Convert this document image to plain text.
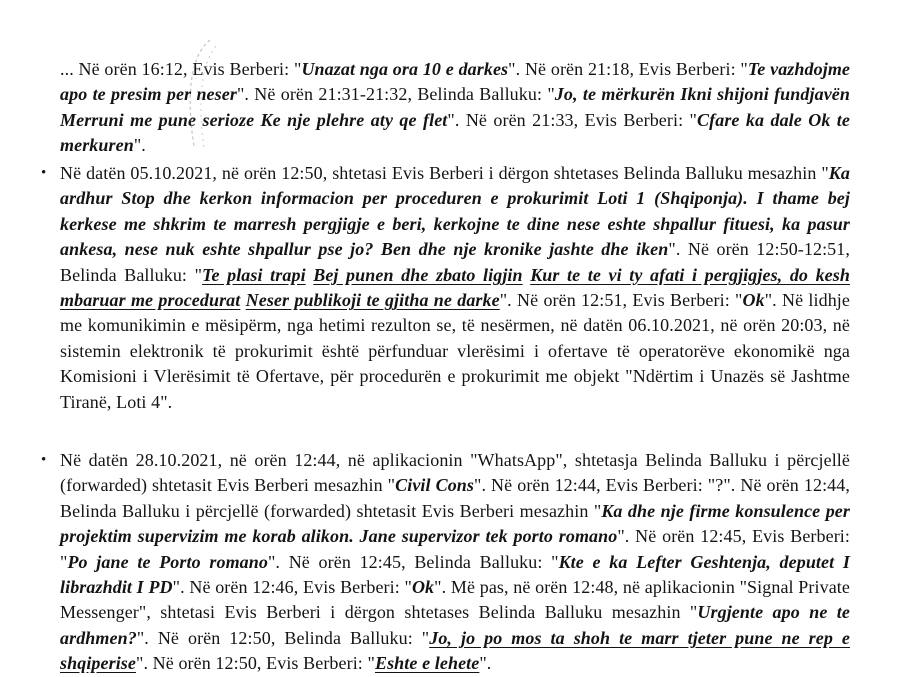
... Në orën 16:12, Evis Berberi: "Unazat nga ora 10 e darkes". Në orën 21:18, Evis Berberi: "Te vazhdojme apo te presim per neser". Në orën 21:31-21:32, Belinda Balluku: "Jo, te mërkurën Ikni shijoni fundjavën Merruni me pune serioze Ke nje plehre aty qe flet". Në orën 21:33, Evis Berberi: "Cfare ka dale Ok te merkuren".
• Në datën 05.10.2021, në orën 12:50, shtetasi Evis Berberi i dërgon shtetases Belinda Balluku mesazhin "Ka ardhur Stop dhe kerkon informacion per proceduren e prokurimit Loti 1 (Shqiponja). I thame bej kerkese me shkrim te marresh pergjigje e beri, kerkojne te dine nese eshte shpallur fituesi, ka pasur ankesa, nese nuk eshte shpallur pse jo? Ben dhe nje kronike jashte dhe iken". Në orën 12:50-12:51, Belinda Balluku: "Te plasi trapi Bej punen dhe zbato ligjin Kur te te vi ty afati i pergjigjes, do kesh mbaruar me procedurat Neser publikoji te gjitha ne darke". Në orën 12:51, Evis Berberi: "Ok". Në lidhje me komunikimin e mësipërm, nga hetimi rezulton se, të nesërmen, në datën 06.10.2021, në orën 20:03, në sistemin elektronik të prokurimit është përfunduar vlerësimi i ofertave të operatorëve ekonomikë nga Komisioni i Vlerësimit të Ofertave, për procedurën e prokurimit me objekt "Ndërtim i Unazës së Jashtme Tiranë, Loti 4".
• Në datën 28.10.2021, në orën 12:44, në aplikacionin "WhatsApp", shtetasja Belinda Balluku i përcjellë (forwarded) shtetasit Evis Berberi mesazhin "Civil Cons". Në orën 12:44, Evis Berberi: "?". Në orën 12:44, Belinda Balluku i përcjellë (forwarded) shtetasit Evis Berberi mesazhin "Ka dhe nje firme konsulence per projektim supervizim me korab alikon. Jane supervizor tek porto romano". Në orën 12:45, Evis Berberi: "Po jane te Porto romano". Në orën 12:45, Belinda Balluku: "Kte e ka Lefter Geshtenja, deputet I librazhdit I PD". Në orën 12:46, Evis Berberi: "Ok". Më pas, në orën 12:48, në aplikacionin "Signal Private Messenger", shtetasi Evis Berberi i dërgon shtetases Belinda Balluku mesazhin "Urgjente apo ne te ardhmen?". Në orën 12:50, Belinda Balluku: "Jo, jo po mos ta shoh te marr tjeter pune ne rep e shqiperise". Në orën 12:50, Evis Berberi: "Eshte e lehete".
